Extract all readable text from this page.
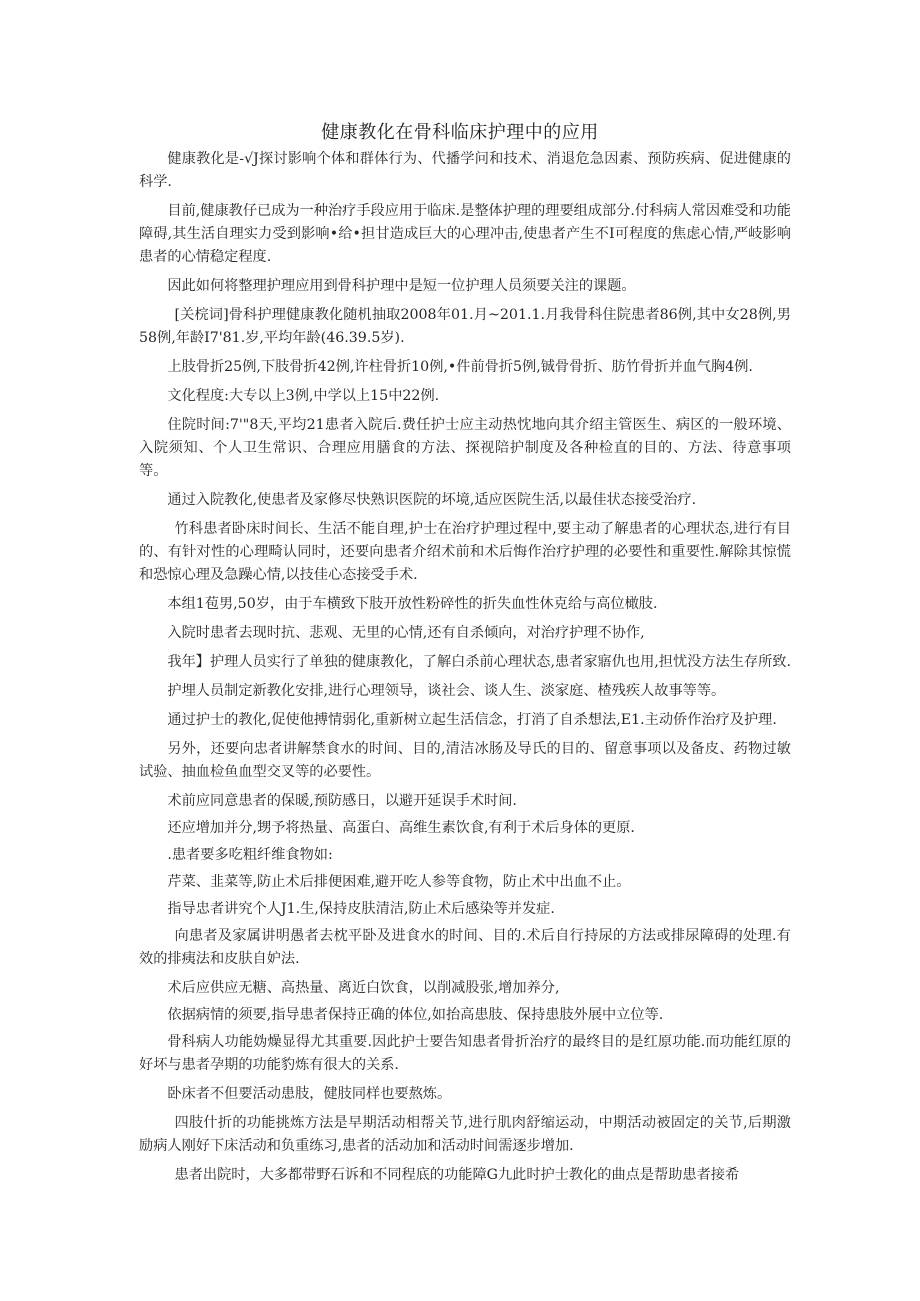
健康教化在骨科临床护理中的应用

健康教化是-√J探讨影响个体和群体行为、代播学问和技术、消退危急因素、预防疾病、促进健康的科学.

目前,健康教仔已成为一种治疗手段应用于临床.是整体护理的理要组成部分.付科病人常因难受和功能障碍,其生活自理实力受到影响•给•担甘造成巨大的心理冲击,使患者产生不I可程度的焦虑心情,严岐影响患者的心情稳定程度.

因此如何将整理护理应用到骨科护理中是短一位护理人员须要关注的课题。

[关梡词]骨科护理健康教化随机抽取2008年01.月~201.1.月我骨科住院患者86例,其中女28例,男58例,年龄I7'81.岁,平均年龄(46.39.5岁).

上肢骨折25例,下肢骨折42例,许柱骨折10例,•件前骨折5例,铖骨骨折、肪竹骨折并血气胸4例.

文化程度:大专以上3例,中学以上15中22例.

住院时间:7'"8天,平均21患者入院后.费任护士应主动热忱地向其介绍主管医生、病区的一般环境、入院须知、个人卫生常识、合理应用膳食的方法、探视陪护制度及各种检直的目的、方法、待意事项等。

通过入院教化,使患者及家修尽快熟识医院的坏境,适应医院生活,以最佳状态接受治疗.

竹科患者卧床时间长、生活不能自理,护士在治疗护理过程中,要主动了解患者的心理状态,进行有目的、有针对性的心理畸认同时，还要向患者介绍术前和术后悔作治疗护理的必要性和重要性.解除其惊慌和恐惊心理及急躁心情,以技佳心态接受手术.

本组1苞男,50岁，由于车横致下肢开放性粉碎性的折失血性休克给与高位橄肢.

入院时患者去现时抗、悲观、无里的心情,还有自杀倾向，对治疗护理不协作,

我年】护理人员实行了单独的健康教化，了解白杀前心理状态,患者家寤仇也用,担忧没方法生存所致.

护埋人员制定新教化安排,进行心理领导，谈社会、谈人生、淡家庭、楂残疾人故事等等。

通过护士的教化,促使他搏情弱化,重新树立起生活信念，打消了自杀想法,E1.主动侨作治疗及护理.

另外，还要向忠者讲解禁食水的时间、目的,清洁冰肠及导氏的目的、留意事项以及备皮、药物过敏试验、抽血检鱼血型交叉等的必要性。

术前应同意患者的保暖,预防感日，以避开延误手术时间.

还应增加并分,甥予将热量、高蛋白、高维生素饮食,有利于术后身体的更原.

.患者要多吃粗纤维食物如:

芹菜、韭菜等,防止术后排便困难,避开吃人参等食物，防止术中出血不止。

指导忠者讲究个人J1.生,保持皮肤清洁,防止术后感染等并发症.

向患者及家属讲明愚者去枕平卧及进食水的时间、目的.术后自行持尿的方法或排尿障碍的处理.有效的排痍法和皮肤自妒法.

术后应供应无糖、高热量、离近白饮食，以削减股张,增加养分,

依据病情的须要,指导患者保持正确的体位,如抬高患肢、保持患肢外展中立位等.

骨科病人功能妫燥显得尤其重要.因此护士要告知患者骨折治疗的最终目的是红原功能.而功能红原的好坏与患者孕期的功能豹炼有很大的关系.

卧床者不但要活动患肢，健肢同样也要熬炼。

四肢什折的功能挑炼方法是早期活动相帮关节,进行肌肉舒缩运动，中期活动被固定的关节,后期激励病人刚好下床活动和负重练习,患者的活动加和活动时间需逐步增加.

患者出院时，大多都带野石诉和不同程底的功能障G九此时护士教化的曲点是帮助患者接希
